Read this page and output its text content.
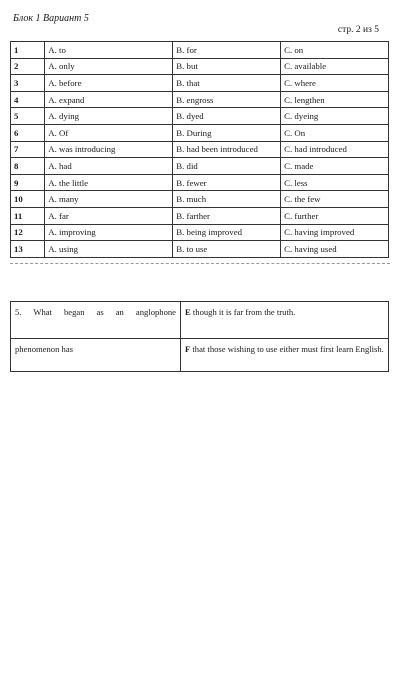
Блок 1 Вариант 5
стр. 2 из 5
1	A. to	B. for	C. on
2	A. only	B. but	C. available
3	A. before	B. that	C. where
4	A. expand	B. engross	C. lengthen
5	A. dying	B. dyed	C. dyeing
6	A. Of	B. During	C. On
7	A. was introducing	B. had been introduced	C. had introduced
8	A. had	B. did	C. made
9	A. the little	B. fewer	C. less
10	A. many	B. much	C. the few
11	A. far	B. farther	C. further
12	A. improving	B. being improved	C. having improved
13	A. using	B. to use	C. having used
5. What began as an anglophone	E though it is far from the truth.
phenomenon has	F that those wishing to use either must first learn English.
